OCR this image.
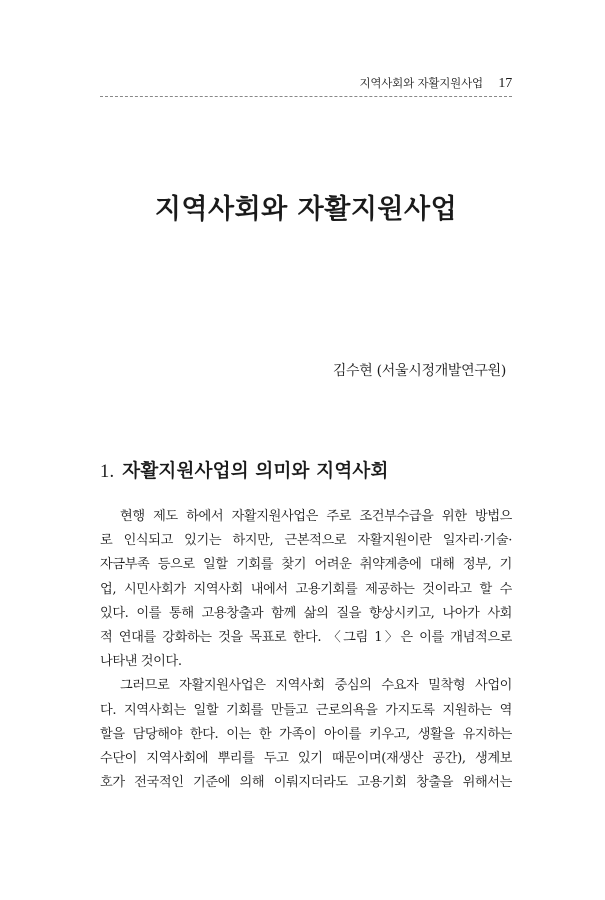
지역사회와 자활지원사업 17
지역사회와 자활지원사업
김수현 (서울시정개발연구원)
1. 자활지원사업의 의미와 지역사회
현행 제도 하에서 자활지원사업은 주로 조건부수급을 위한 방법으
로 인식되고 있기는 하지만, 근본적으로 자활지원이란 일자리·기술·
자금부족 등으로 일할 기회를 찾기 어려운 취약계층에 대해 정부, 기
업, 시민사회가 지역사회 내에서 고용기회를 제공하는 것이라고 할 수
있다. 이를 통해 고용창출과 함께 삶의 질을 향상시키고, 나아가 사회
적 연대를 강화하는 것을 목표로 한다. 〈그림 1〉은 이를 개념적으로
나타낸 것이다.
그러므로 자활지원사업은 지역사회 중심의 수요자 밀착형 사업이
다. 지역사회는 일할 기회를 만들고 근로의욕을 가지도록 지원하는 역
할을 담당해야 한다. 이는 한 가족이 아이를 키우고, 생활을 유지하는
수단이 지역사회에 뿌리를 두고 있기 때문이며(재생산 공간), 생계보
호가 전국적인 기준에 의해 이뤄지더라도 고용기회 창출을 위해서는
